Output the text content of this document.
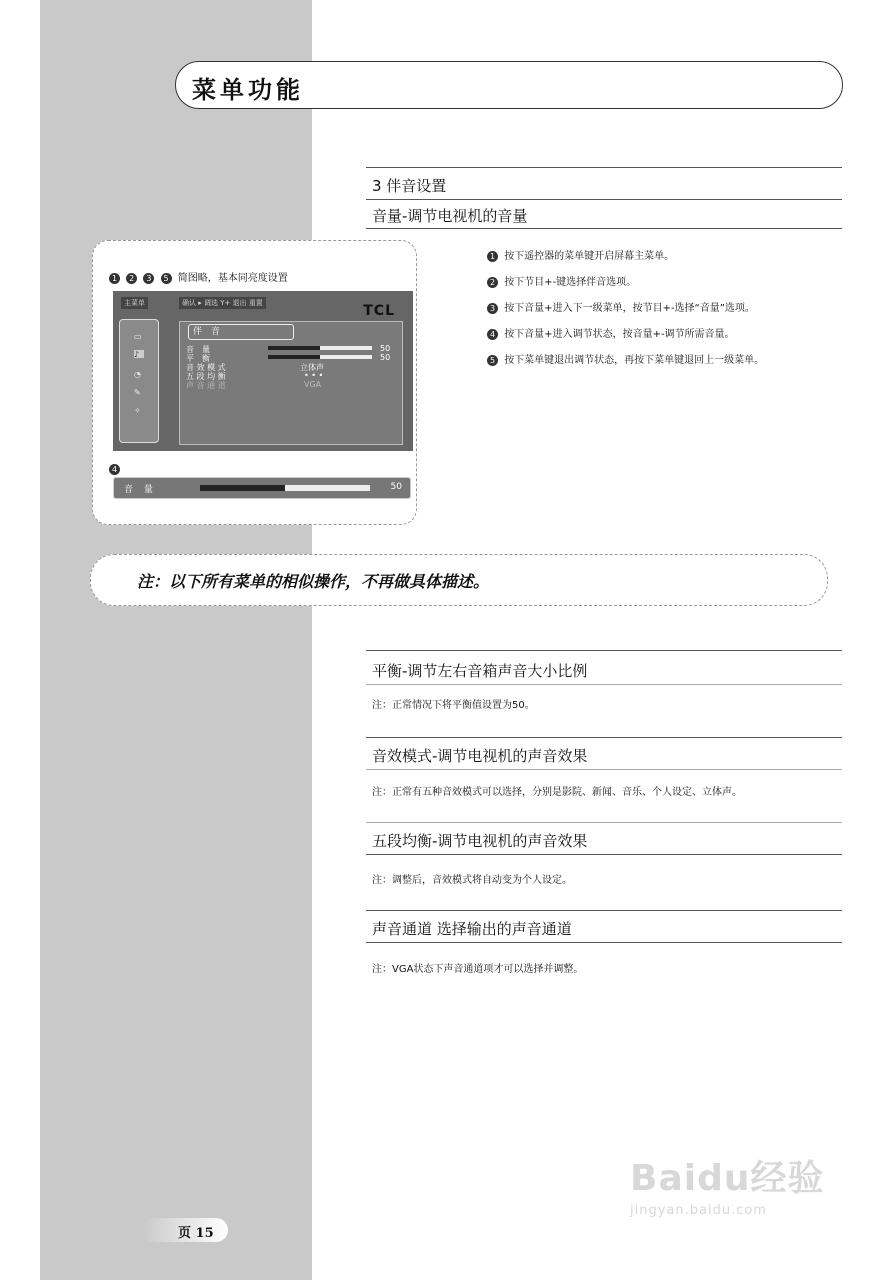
菜单功能
3 伴音设置
音量-调节电视机的音量
1 2 3 5 简图略，基本同亮度设置
主菜单	确认 ▸ 调选 Y+ 退出 重置	TCL
▭
♪
◔
✎
✧
伴　音
音　量	50
平　衡	50
音 效 模 式	立体声
五 段 均 衡	• • •
声 音 通 道	VGA
4
音 量	50
1 按下遥控器的菜单键开启屏幕主菜单。
2 按下节目+-键选择伴音选项。
3 按下音量+进入下一级菜单，按节目+-选择“音量”选项。
4 按下音量+进入调节状态，按音量+-调节所需音量。
5 按下菜单键退出调节状态，再按下菜单键退回上一级菜单。
注：以下所有菜单的相似操作，不再做具体描述。
平衡-调节左右音箱声音大小比例
注：正常情况下将平衡值设置为50。
音效模式-调节电视机的声音效果
注：正常有五种音效模式可以选择，分别是影院、新闻、音乐、个人设定、立体声。
五段均衡-调节电视机的声音效果
注：调整后，音效模式将自动变为个人设定。
声音通道 选择输出的声音通道
注：VGA状态下声音通道项才可以选择并调整。
页 15
Baidu经验
jingyan.baidu.com
